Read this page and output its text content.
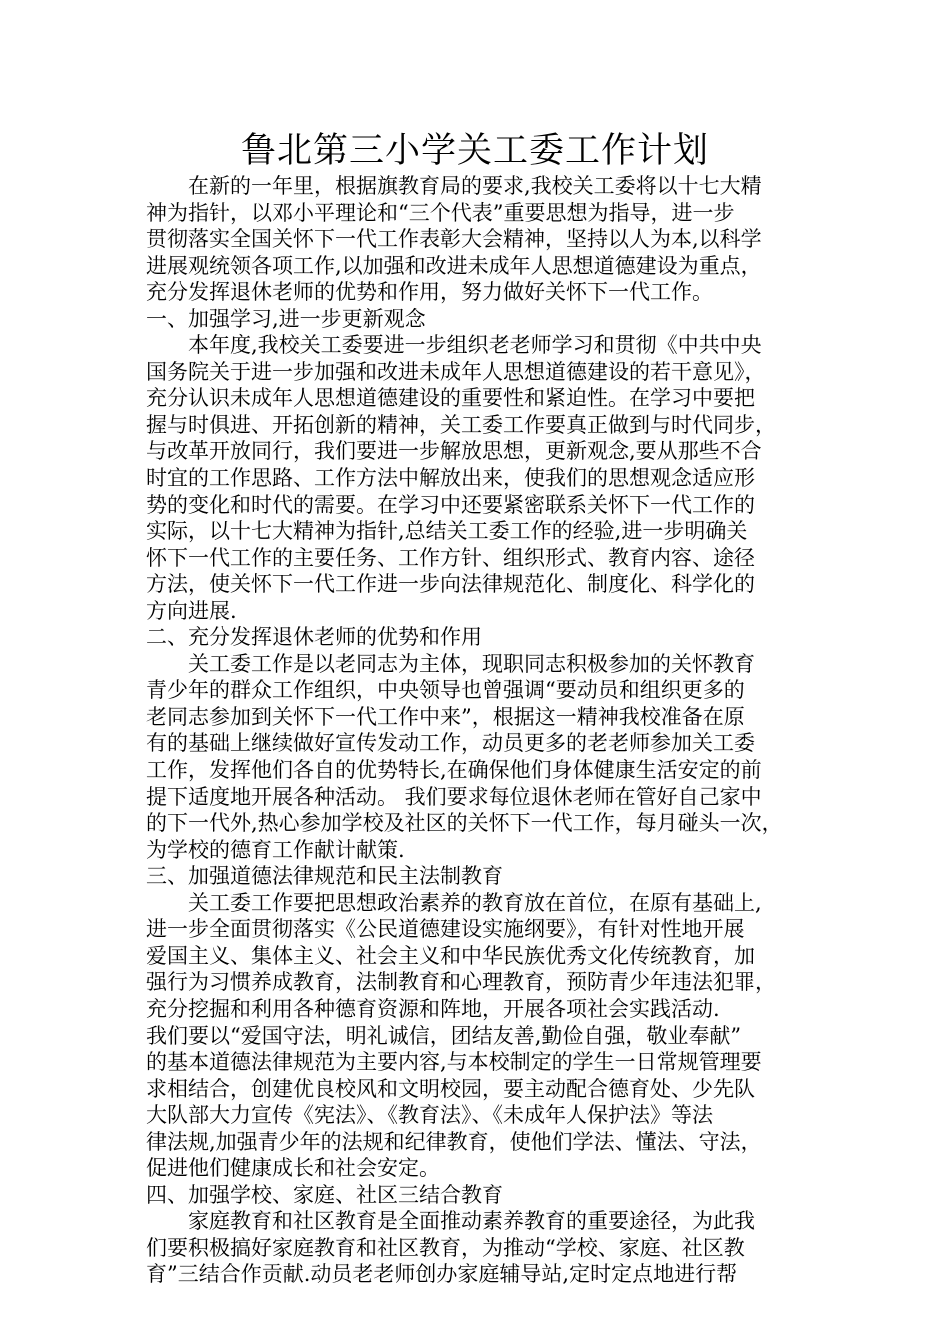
鲁北第三小学关工委工作计划
在新的一年里，根据旗教育局的要求,我校关工委将以十七大精
神为指针，以邓小平理论和“三个代表”重要思想为指导，进一步
贯彻落实全国关怀下一代工作表彰大会精神，坚持以人为本,以科学
进展观统领各项工作,以加强和改进未成年人思想道德建设为重点，
充分发挥退休老师的优势和作用，努力做好关怀下一代工作。
一、加强学习,进一步更新观念
本年度,我校关工委要进一步组织老老师学习和贯彻《中共中央
国务院关于进一步加强和改进未成年人思想道德建设的若干意见》，
充分认识未成年人思想道德建设的重要性和紧迫性。在学习中要把
握与时俱进、开拓创新的精神，关工委工作要真正做到与时代同步，
与改革开放同行，我们要进一步解放思想，更新观念,要从那些不合
时宜的工作思路、工作方法中解放出来，使我们的思想观念适应形
势的变化和时代的需要。在学习中还要紧密联系关怀下一代工作的
实际，以十七大精神为指针,总结关工委工作的经验,进一步明确关
怀下一代工作的主要任务、工作方针、组织形式、教育内容、途径
方法，使关怀下一代工作进一步向法律规范化、制度化、科学化的
方向进展.
二、充分发挥退休老师的优势和作用
关工委工作是以老同志为主体，现职同志积极参加的关怀教育
青少年的群众工作组织，中央领导也曾强调“要动员和组织更多的
老同志参加到关怀下一代工作中来”，根据这一精神我校准备在原
有的基础上继续做好宣传发动工作，动员更多的老老师参加关工委
工作，发挥他们各自的优势特长,在确保他们身体健康生活安定的前
提下适度地开展各种活动。 我们要求每位退休老师在管好自己家中
的下一代外,热心参加学校及社区的关怀下一代工作，每月碰头一次，
为学校的德育工作献计献策.
三、加强道德法律规范和民主法制教育
关工委工作要把思想政治素养的教育放在首位，在原有基础上,
进一步全面贯彻落实《公民道德建设实施纲要》，有针对性地开展
爱国主义、集体主义、社会主义和中华民族优秀文化传统教育，加
强行为习惯养成教育，法制教育和心理教育，预防青少年违法犯罪，
充分挖掘和利用各种德育资源和阵地，开展各项社会实践活动.
我们要以“爱国守法，明礼诚信，团结友善,勤俭自强，敬业奉献”
的基本道德法律规范为主要内容,与本校制定的学生一日常规管理要
求相结合，创建优良校风和文明校园，要主动配合德育处、少先队
大队部大力宣传《宪法》、《教育法》、《未成年人保护法》等法
律法规,加强青少年的法规和纪律教育，使他们学法、懂法、守法，
促进他们健康成长和社会安定。
四、加强学校、家庭、社区三结合教育
家庭教育和社区教育是全面推动素养教育的重要途径，为此我
们要积极搞好家庭教育和社区教育，为推动“学校、家庭、社区教
育”三结合作贡献.动员老老师创办家庭辅导站,定时定点地进行帮
